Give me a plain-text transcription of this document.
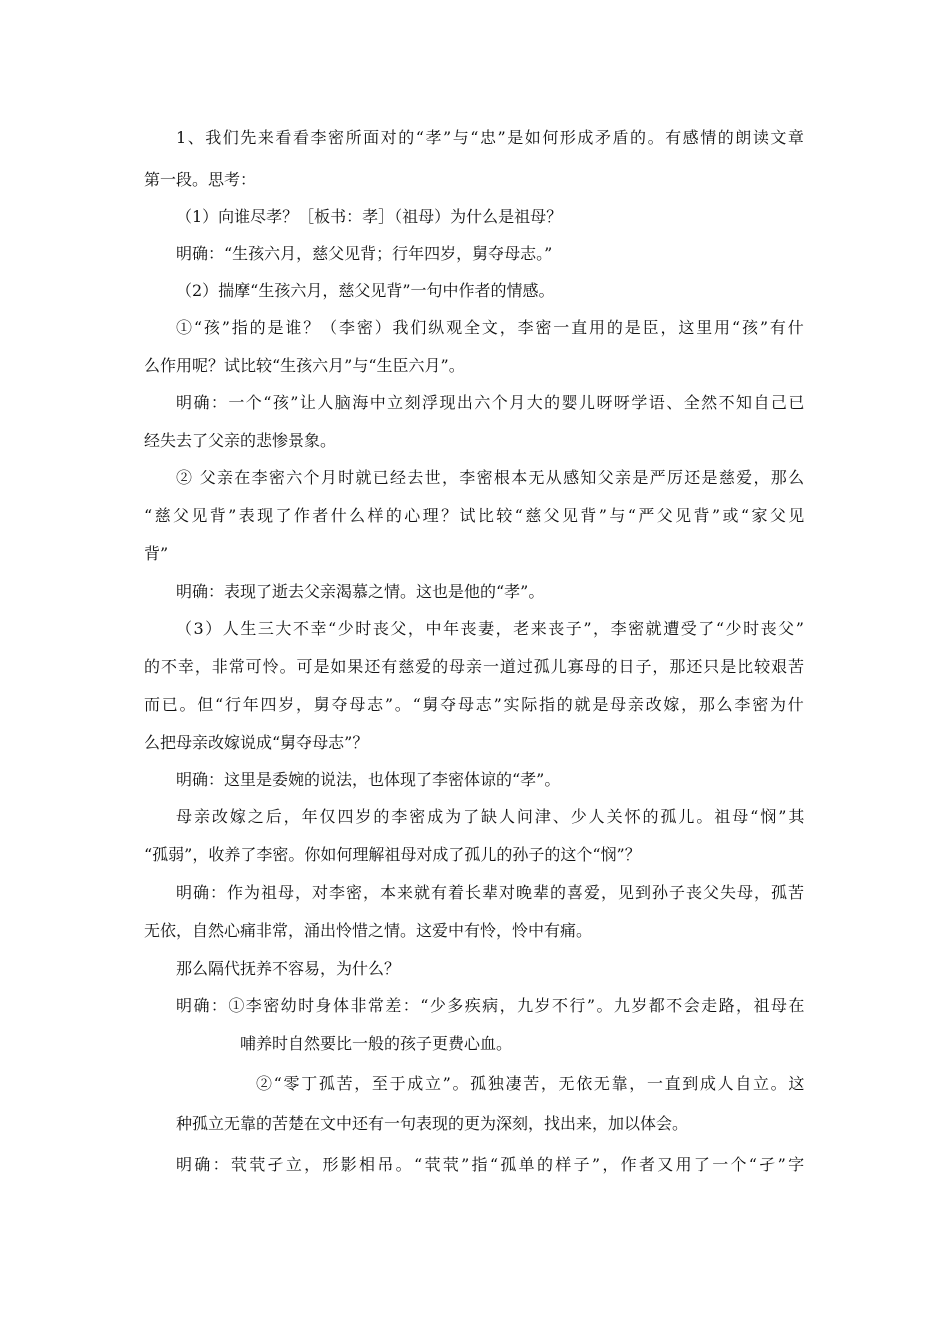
1、我们先来看看李密所面对的“孝”与“忠”是如何形成矛盾的。有感情的朗读文章
第一段。思考：
（1）向谁尽孝？［板书：孝］（祖母）为什么是祖母？
明确：“生孩六月，慈父见背；行年四岁，舅夺母志。”
（2）揣摩“生孩六月，慈父见背”一句中作者的情感。
①“孩”指的是谁？（李密）我们纵观全文，李密一直用的是臣，这里用“孩”有什
么作用呢？试比较“生孩六月”与“生臣六月”。
明确：一个“孩”让人脑海中立刻浮现出六个月大的婴儿呀呀学语、全然不知自己已
经失去了父亲的悲惨景象。
② 父亲在李密六个月时就已经去世，李密根本无从感知父亲是严厉还是慈爱，那么
“慈父见背”表现了作者什么样的心理？试比较“慈父见背”与“严父见背”或“家父见
背”
明确：表现了逝去父亲渴慕之情。这也是他的“孝”。
（3）人生三大不幸“少时丧父，中年丧妻，老来丧子”，李密就遭受了“少时丧父”
的不幸，非常可怜。可是如果还有慈爱的母亲一道过孤儿寡母的日子，那还只是比较艰苦
而已。但“行年四岁，舅夺母志”。“舅夺母志”实际指的就是母亲改嫁，那么李密为什
么把母亲改嫁说成“舅夺母志”？
明确：这里是委婉的说法，也体现了李密体谅的“孝”。
母亲改嫁之后，年仅四岁的李密成为了缺人问津、少人关怀的孤儿。祖母“悯”其
“孤弱”，收养了李密。你如何理解祖母对成了孤儿的孙子的这个“悯”？
明确：作为祖母，对李密，本来就有着长辈对晚辈的喜爱，见到孙子丧父失母，孤苦
无依，自然心痛非常，涌出怜惜之情。这爱中有怜，怜中有痛。
那么隔代抚养不容易，为什么？
明确：①李密幼时身体非常差：“少多疾病，九岁不行”。九岁都不会走路，祖母在
哺养时自然要比一般的孩子更费心血。
②“零丁孤苦，至于成立”。孤独凄苦，无依无靠，一直到成人自立。这
种孤立无靠的苦楚在文中还有一句表现的更为深刻，找出来，加以体会。
明确：茕茕孑立，形影相吊。“茕茕”指“孤单的样子”，作者又用了一个“孑”字
